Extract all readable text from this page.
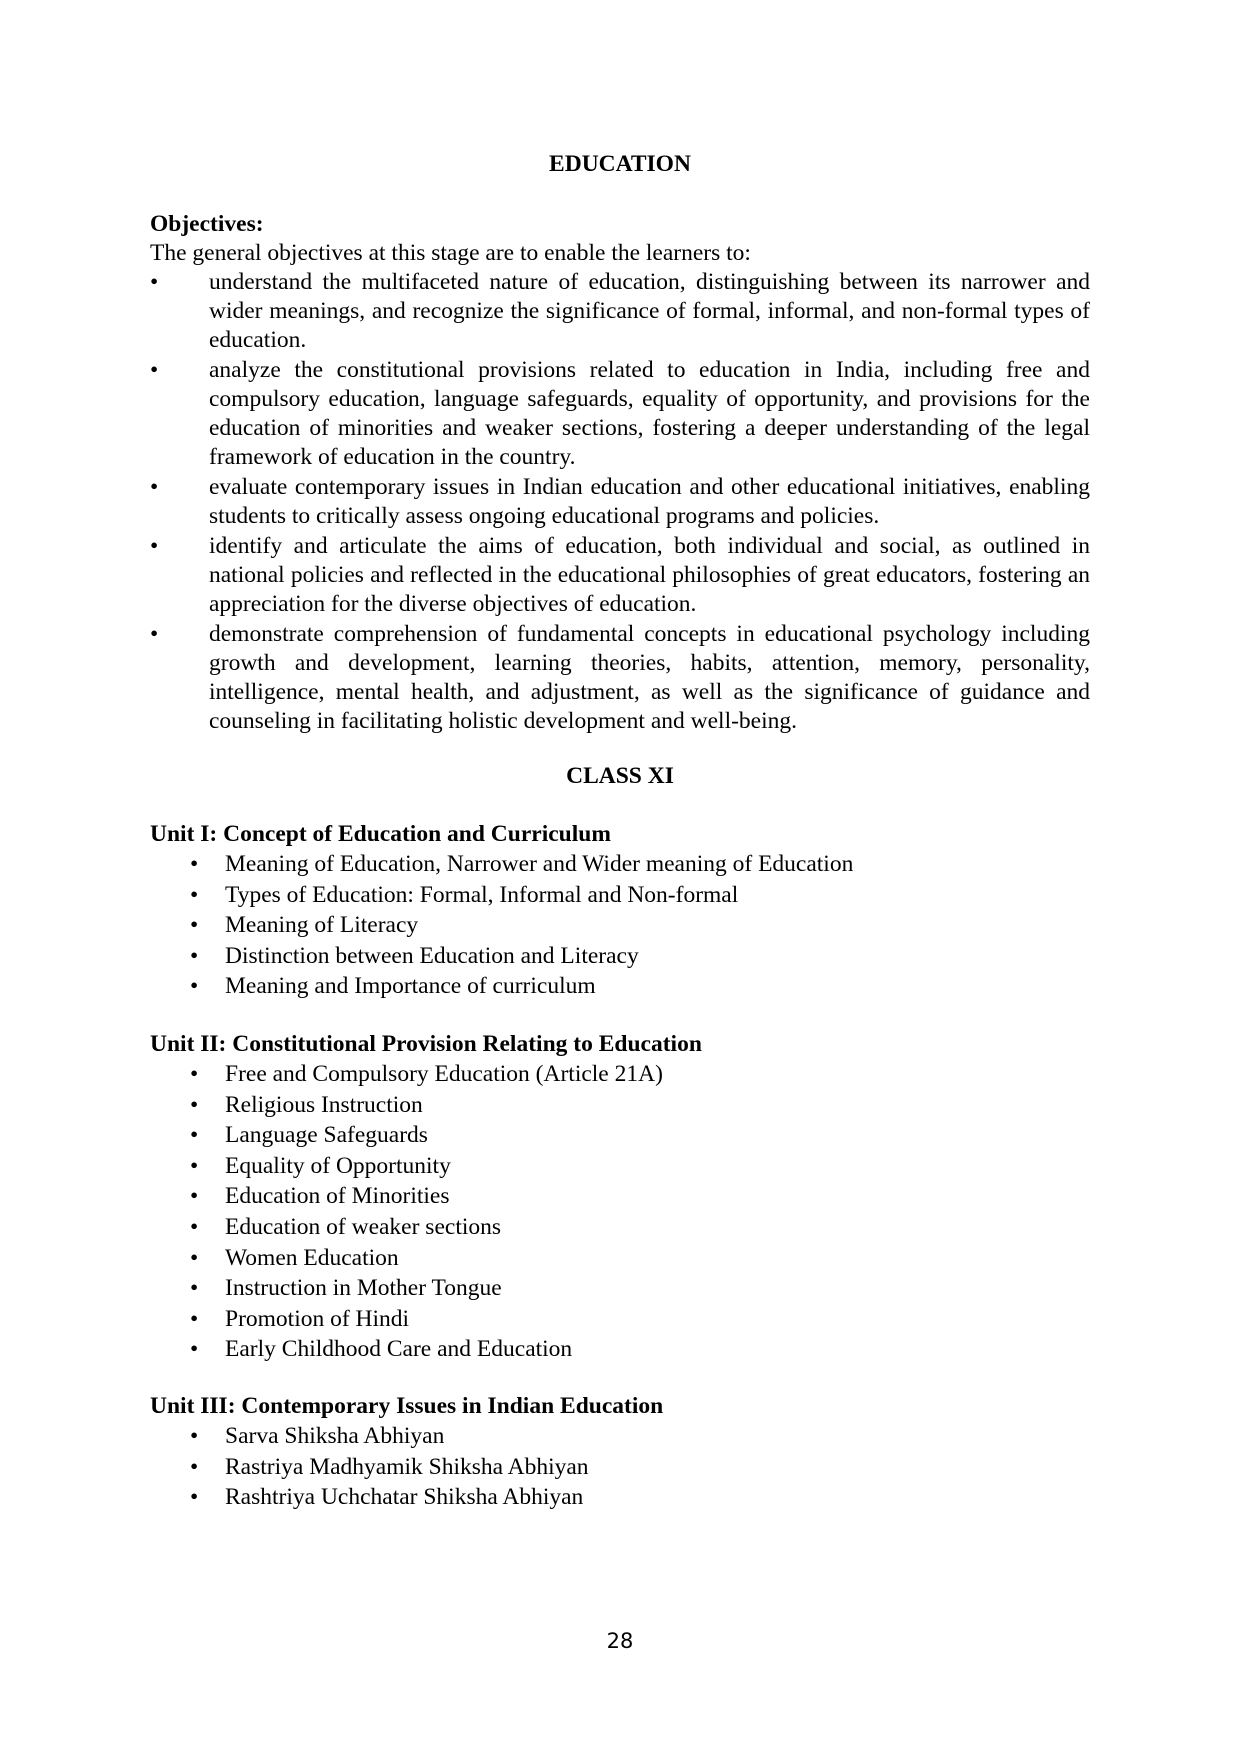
EDUCATION
Objectives:
The general objectives at this stage are to enable the learners to:
• understand the multifaceted nature of education, distinguishing between its narrower and wider meanings, and recognize the significance of formal, informal, and non-formal types of education.
• analyze the constitutional provisions related to education in India, including free and compulsory education, language safeguards, equality of opportunity, and provisions for the education of minorities and weaker sections, fostering a deeper understanding of the legal framework of education in the country.
• evaluate contemporary issues in Indian education and other educational initiatives, enabling students to critically assess ongoing educational programs and policies.
• identify and articulate the aims of education, both individual and social, as outlined in national policies and reflected in the educational philosophies of great educators, fostering an appreciation for the diverse objectives of education.
• demonstrate comprehension of fundamental concepts in educational psychology including growth and development, learning theories, habits, attention, memory, personality, intelligence, mental health, and adjustment, as well as the significance of guidance and counseling in facilitating holistic development and well-being.
CLASS XI
Unit I: Concept of Education and Curriculum
• Meaning of Education, Narrower and Wider meaning of Education
• Types of Education: Formal, Informal and Non-formal
• Meaning of Literacy
• Distinction between Education and Literacy
• Meaning and Importance of curriculum
Unit II: Constitutional Provision Relating to Education
• Free and Compulsory Education (Article 21A)
• Religious Instruction
• Language Safeguards
• Equality of Opportunity
• Education of Minorities
• Education of weaker sections
• Women Education
• Instruction in Mother Tongue
• Promotion of Hindi
• Early Childhood Care and Education
Unit III: Contemporary Issues in Indian Education
• Sarva Shiksha Abhiyan
• Rastriya Madhyamik Shiksha Abhiyan
• Rashtriya Uchchatar Shiksha Abhiyan
28
